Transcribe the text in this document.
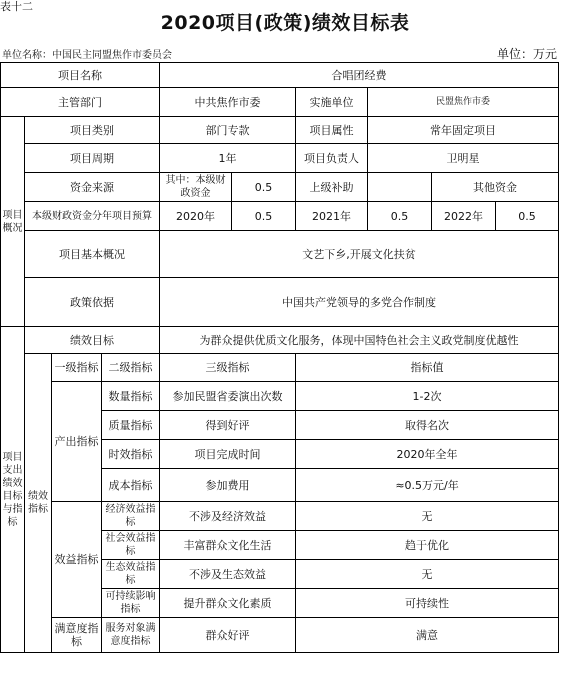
表十二
2020项目(政策)绩效目标表
单位名称：中国民主同盟焦作市委员会	单位：万元
项目名称				合唱团经费					
主管部门				中共焦作市委		实施单位	民盟焦作市委		
项目概况	项目类别			部门专款		项目属性	常年固定项目		
	项目周期			1年		项目负责人	卫明星		
	资金来源			其中：本级财政资金	0.5	上级补助		其他资金	
	本级财政资金分年项目预算			2020年	0.5	2021年	0.5	2022年	0.5
	项目基本概况			文艺下乡,开展文化扶贫					
	政策依据			中国共产党领导的多党合作制度					
项目支出绩效目标与指标	绩效目标			为群众提供优质文化服务，体现中国特色社会主义政党制度优越性					
	绩效指标	一级指标	二级指标	三级指标		指标值			
		产出指标	数量指标	参加民盟省委演出次数		1-2次			
			质量指标	得到好评		取得名次			
			时效指标	项目完成时间		2020年全年			
			成本指标	参加费用		≈0.5万元/年			
		效益指标	经济效益指标	不涉及经济效益		无			
			社会效益指标	丰富群众文化生活		趋于优化			
			生态效益指标	不涉及生态效益		无			
			可持续影响指标	提升群众文化素质		可持续性			
		满意度指标	服务对象满意度指标	群众好评		满意			
